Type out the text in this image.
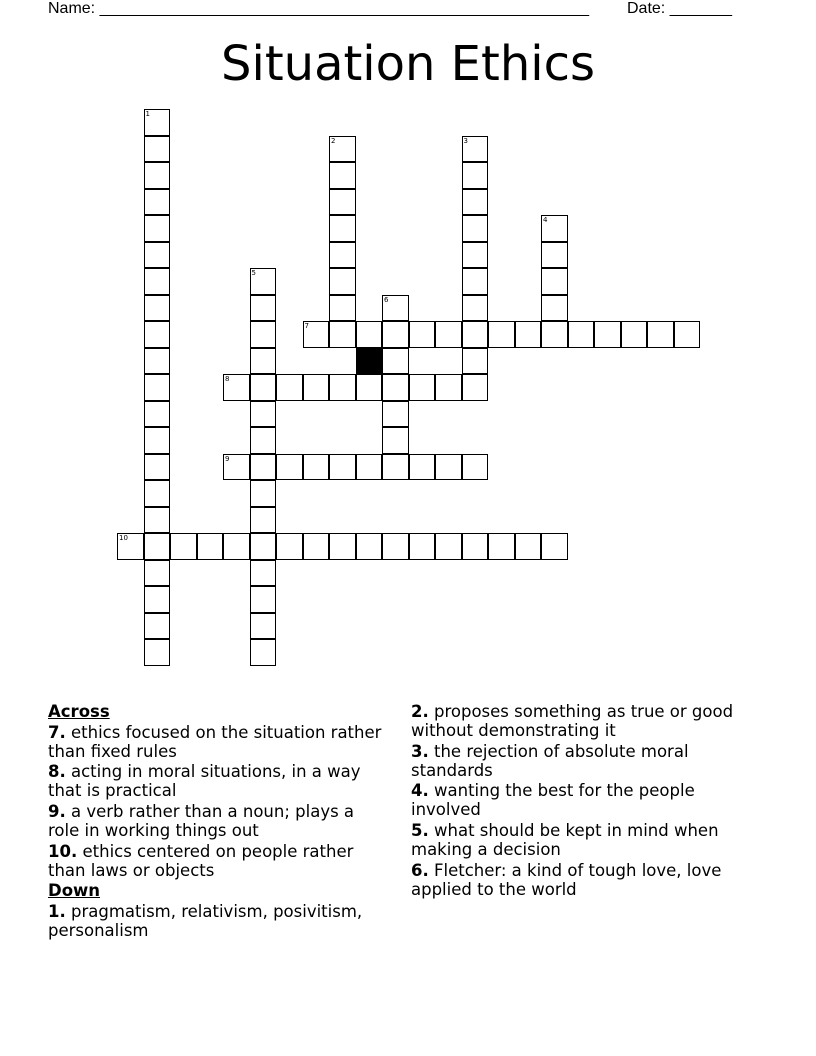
Name: _______________________________________________________ Date: _______
Situation Ethics
1
2	3
4
5
6
7
8
9
10
Across
7. ethics focused on the situation rather than fixed rules
8. acting in moral situations, in a way that is practical
9. a verb rather than a noun; plays a role in working things out
10. ethics centered on people rather than laws or objects
Down
1. pragmatism, relativism, posivitism, personalism
2. proposes something as true or good without demonstrating it
3. the rejection of absolute moral standards
4. wanting the best for the people involved
5. what should be kept in mind when making a decision
6. Fletcher: a kind of tough love, love applied to the world
